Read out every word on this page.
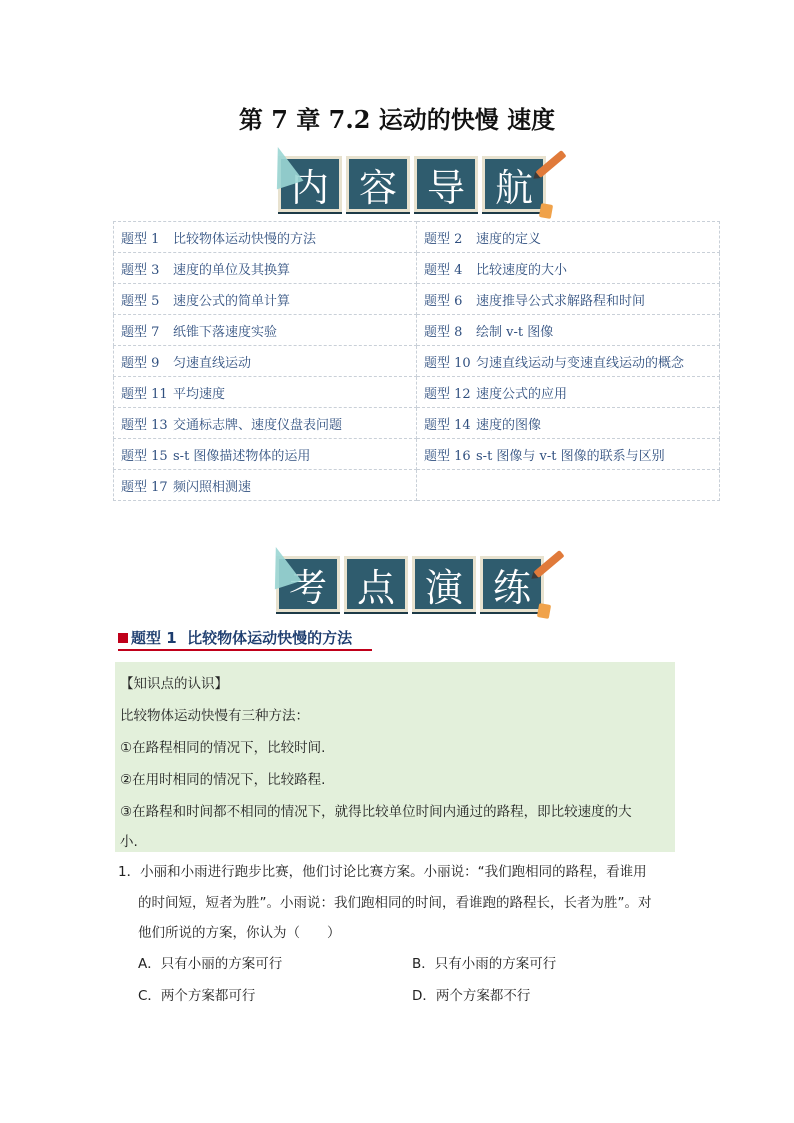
第 7 章 7.2 运动的快慢 速度
内 容 导 航
题型 1 比较物体运动快慢的方法	题型 2 速度的定义
题型 3 速度的单位及其换算	题型 4 比较速度的大小
题型 5 速度公式的简单计算	题型 6 速度推导公式求解路程和时间
题型 7 纸锥下落速度实验	题型 8 绘制 v-t 图像
题型 9 匀速直线运动	题型 10 匀速直线运动与变速直线运动的概念
题型 11 平均速度	题型 12 速度公式的应用
题型 13 交通标志牌、速度仪盘表问题	题型 14 速度的图像
题型 15 s-t 图像描述物体的运用	题型 16 s-t 图像与 v-t 图像的联系与区别
题型 17 频闪照相测速	
考 点 演 练
题型 1 比较物体运动快慢的方法

【知识点的认识】

比较物体运动快慢有三种方法：

①在路程相同的情况下，比较时间.

②在用时相同的情况下，比较路程.

③在路程和时间都不相同的情况下，就得比较单位时间内通过的路程，即比较速度的大

小.

1．小丽和小雨进行跑步比赛，他们讨论比赛方案。小丽说：“我们跑相同的路程，看谁用
的时间短，短者为胜”。小雨说：我们跑相同的时间，看谁跑的路程长，长者为胜”。对
他们所说的方案，你认为（　　）
A．只有小丽的方案可行	B．只有小雨的方案可行
C．两个方案都可行	D．两个方案都不行
